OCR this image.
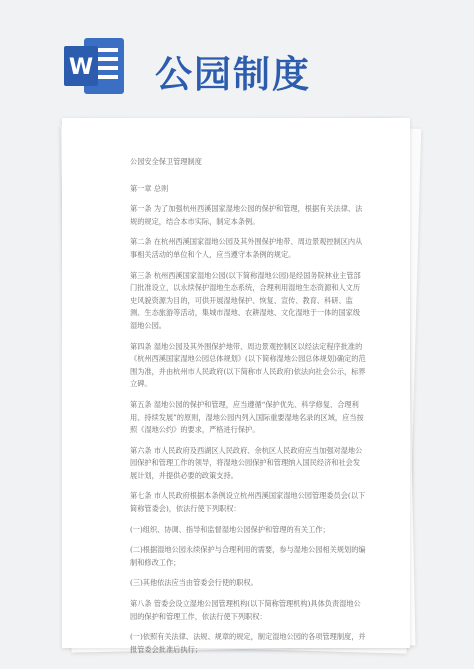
W 公园制度
公园安全保卫管理制度
第一章 总则

第一条 为了加强杭州西溪国家湿地公园的保护和管理，根据有关法律、法规的规定，结合本市实际，制定本条例。

第二条 在杭州西溪国家湿地公园及其外围保护地带、周边景观控制区内从事相关活动的单位和个人，应当遵守本条例的规定。

第三条 杭州西溪国家湿地公园(以下简称湿地公园)是经国务院林业主管部门批准设立，以永续保护湿地生态系统，合理利用湿地生态资源和人文历史风貌资源为目的，可供开展湿地保护、恢复、宣传、教育、科研、监测、生态旅游等活动，集城市湿地、农耕湿地、文化湿地于一体的国家级湿地公园。

第四条 湿地公园及其外围保护地带、周边景观控制区以经法定程序批准的《杭州西溪国家湿地公园总体规划》(以下简称湿地公园总体规划)确定的范围为准，并由杭州市人民政府(以下简称市人民政府)依法向社会公示，标界立碑。

第五条 湿地公园的保护和管理，应当遵循“保护优先、科学修复、合理利用、持续发展”的原则，湿地公园内列入国际重要湿地名录的区域，应当按照《湿地公约》的要求，严格进行保护。

第六条 市人民政府及西湖区人民政府、余杭区人民政府应当加强对湿地公园保护和管理工作的领导，将湿地公园保护和管理纳入国民经济和社会发展计划，并提供必要的政策支持。

第七条 市人民政府根据本条例设立杭州西溪国家湿地公园管理委员会(以下简称管委会)，依法行使下列职权：

(一)组织、协调、指导和监督湿地公园保护和管理的有关工作；

(二)根据湿地公园永续保护与合理利用的需要，参与湿地公园相关规划的编制和修改工作；

(三)其他依法应当由管委会行使的职权。

第八条 管委会设立湿地公园管理机构(以下简称管理机构)具体负责湿地公园的保护和管理工作，依法行使下列职权：

(一)依照有关法律、法规、规章的规定，制定湿地公园的各项管理制度，并报管委会批准后执行；
